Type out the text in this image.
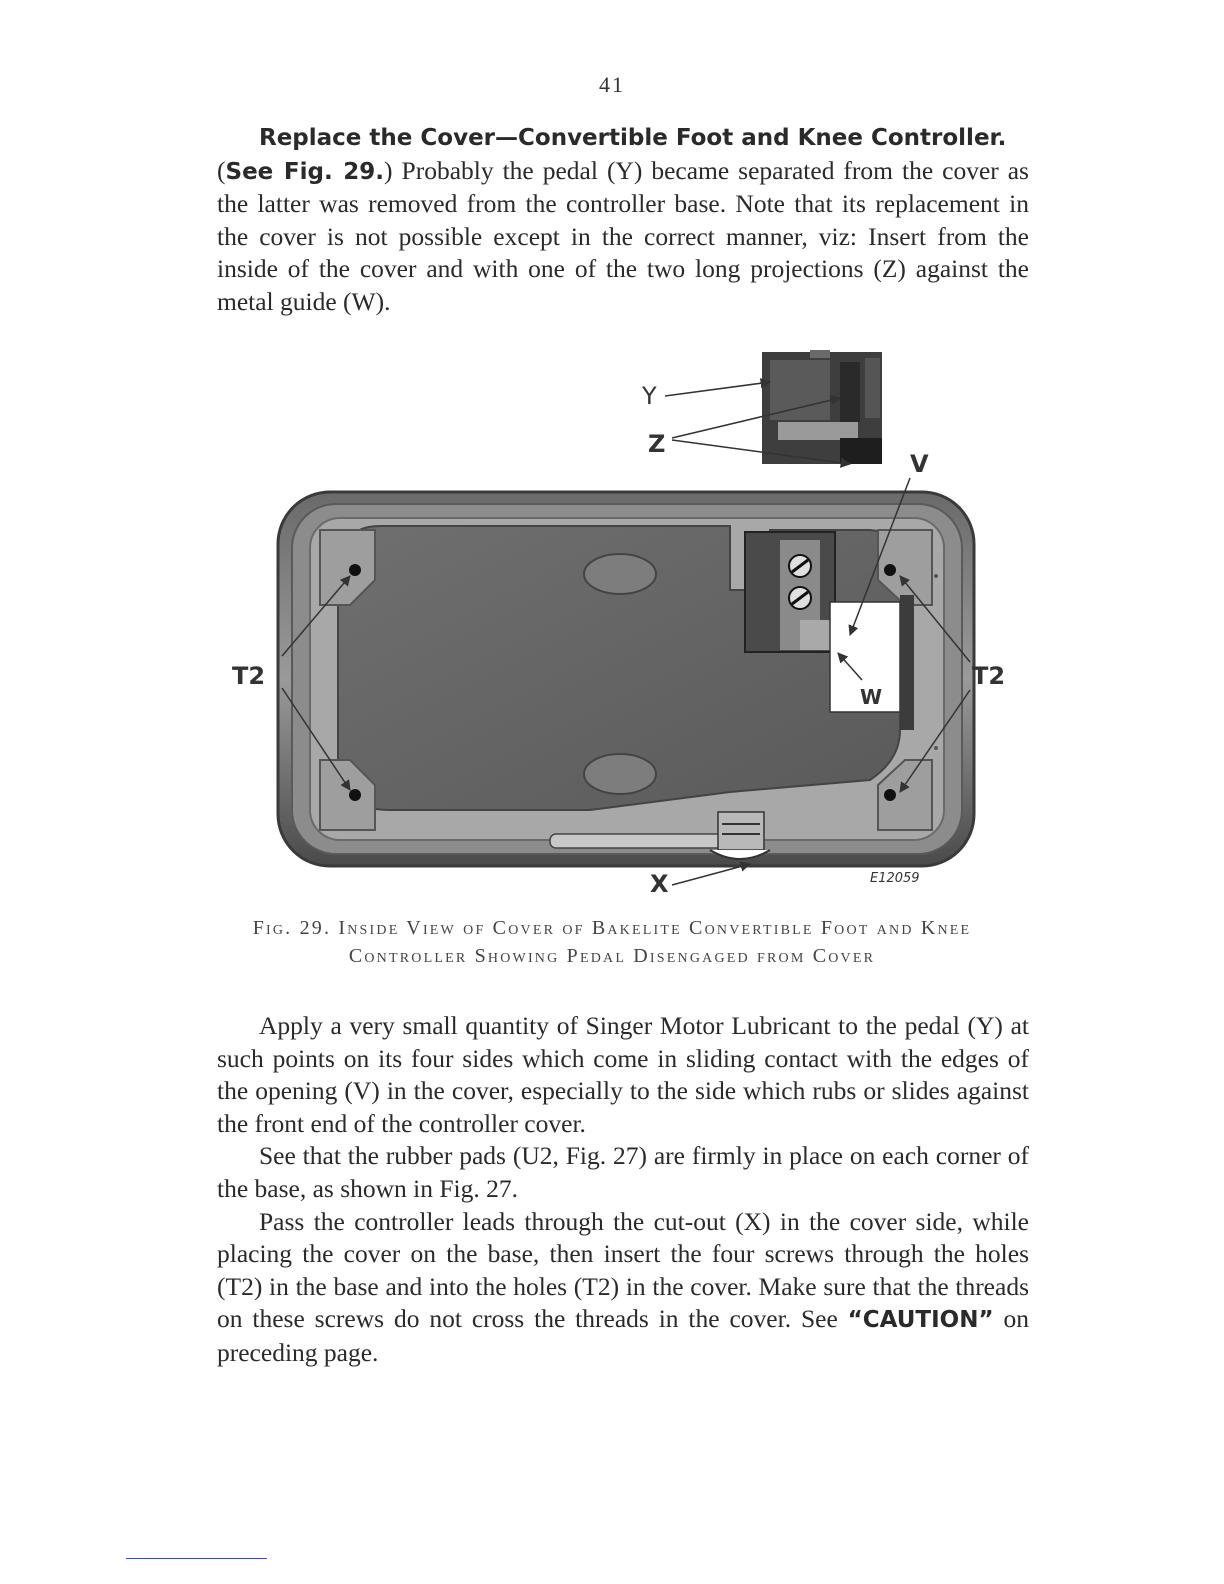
41

Replace the Cover—Convertible Foot and Knee Controller.
(See Fig. 29.) Probably the pedal (Y) became separated from the cover as the latter was removed from the controller base. Note that its replacement in the cover is not possible except in the correct manner, viz: Insert from the inside of the cover and with one of the two long projections (Z) against the metal guide (W).

Y
Z
V
T2	T2
W
X	E12059
Fig. 29. Inside View of Cover of Bakelite Convertible Foot and Knee
Controller Showing Pedal Disengaged from Cover

Apply a very small quantity of Singer Motor Lubricant to the pedal (Y) at such points on its four sides which come in sliding contact with the edges of the opening (V) in the cover, especially to the side which rubs or slides against the front end of the controller cover.

See that the rubber pads (U2, Fig. 27) are firmly in place on each corner of the base, as shown in Fig. 27.

Pass the controller leads through the cut-out (X) in the cover side, while placing the cover on the base, then insert the four screws through the holes (T2) in the base and into the holes (T2) in the cover. Make sure that the threads on these screws do not cross the threads in the cover. See “CAUTION” on preceding page.
